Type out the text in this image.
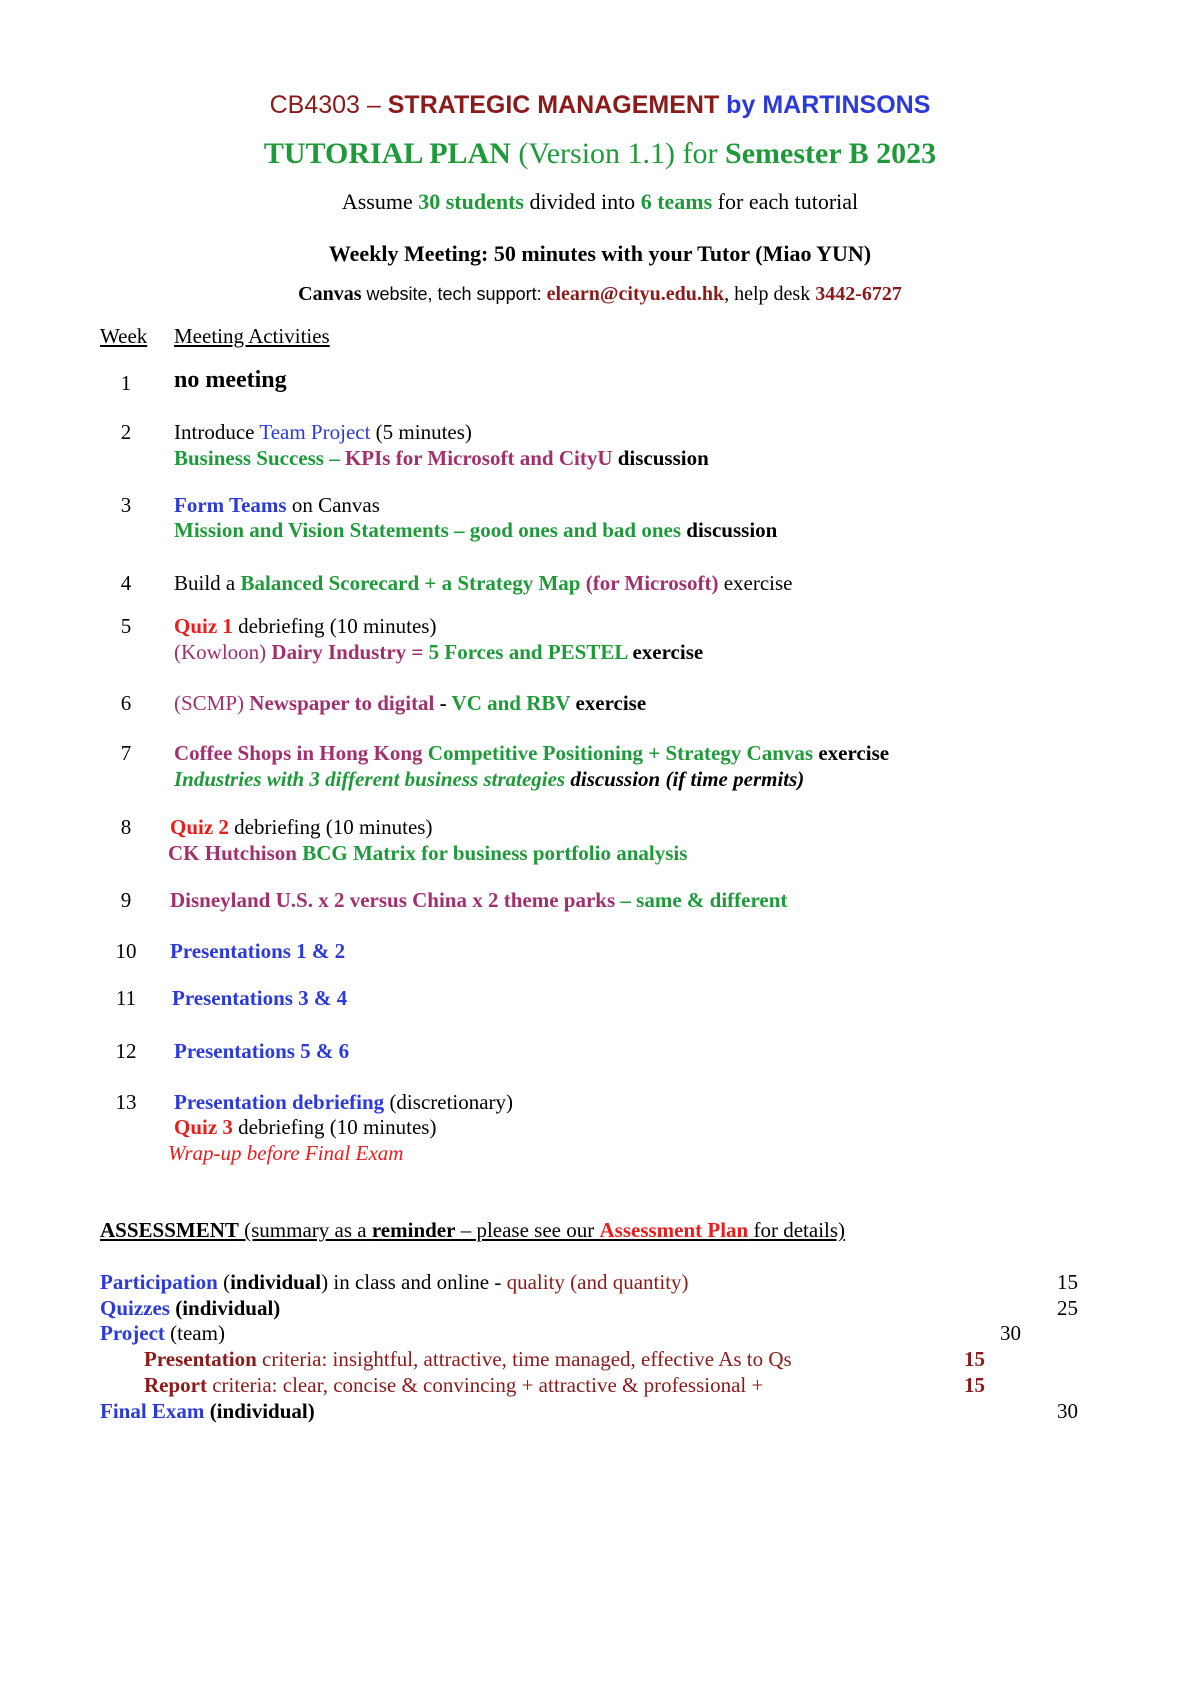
CB4303 – STRATEGIC MANAGEMENT by MARTINSONS
TUTORIAL PLAN (Version 1.1) for Semester B 2023
Assume 30 students divided into 6 teams for each tutorial
Weekly Meeting: 50 minutes with your Tutor (Miao YUN)
Canvas website, tech support: elearn@cityu.edu.hk, help desk 3442-6727
Week Meeting Activities
1	no meeting
2	Introduce Team Project (5 minutes)
Business Success – KPIs for Microsoft and CityU discussion
3	Form Teams on Canvas
Mission and Vision Statements – good ones and bad ones discussion
4	Build a Balanced Scorecard + a Strategy Map (for Microsoft) exercise
5	Quiz 1 debriefing (10 minutes)
(Kowloon) Dairy Industry = 5 Forces and PESTEL exercise
6	(SCMP) Newspaper to digital - VC and RBV exercise
7	Coffee Shops in Hong Kong Competitive Positioning + Strategy Canvas exercise
Industries with 3 different business strategies discussion (if time permits)
8	Quiz 2 debriefing (10 minutes)
CK Hutchison BCG Matrix for business portfolio analysis
9	Disneyland U.S. x 2 versus China x 2 theme parks – same & different
10	Presentations 1 & 2
11	Presentations 3 & 4
12	Presentations 5 & 6
13	Presentation debriefing (discretionary)
Quiz 3 debriefing (10 minutes)
Wrap-up before Final Exam
ASSESSMENT (summary as a reminder – please see our Assessment Plan for details)
Participation (individual) in class and online - quality (and quantity)	15
Quizzes (individual)	25
Project (team)	30
Presentation criteria: insightful, attractive, time managed, effective As to Qs	15
Report criteria: clear, concise & convincing + attractive & professional +	15
Final Exam (individual)	30
